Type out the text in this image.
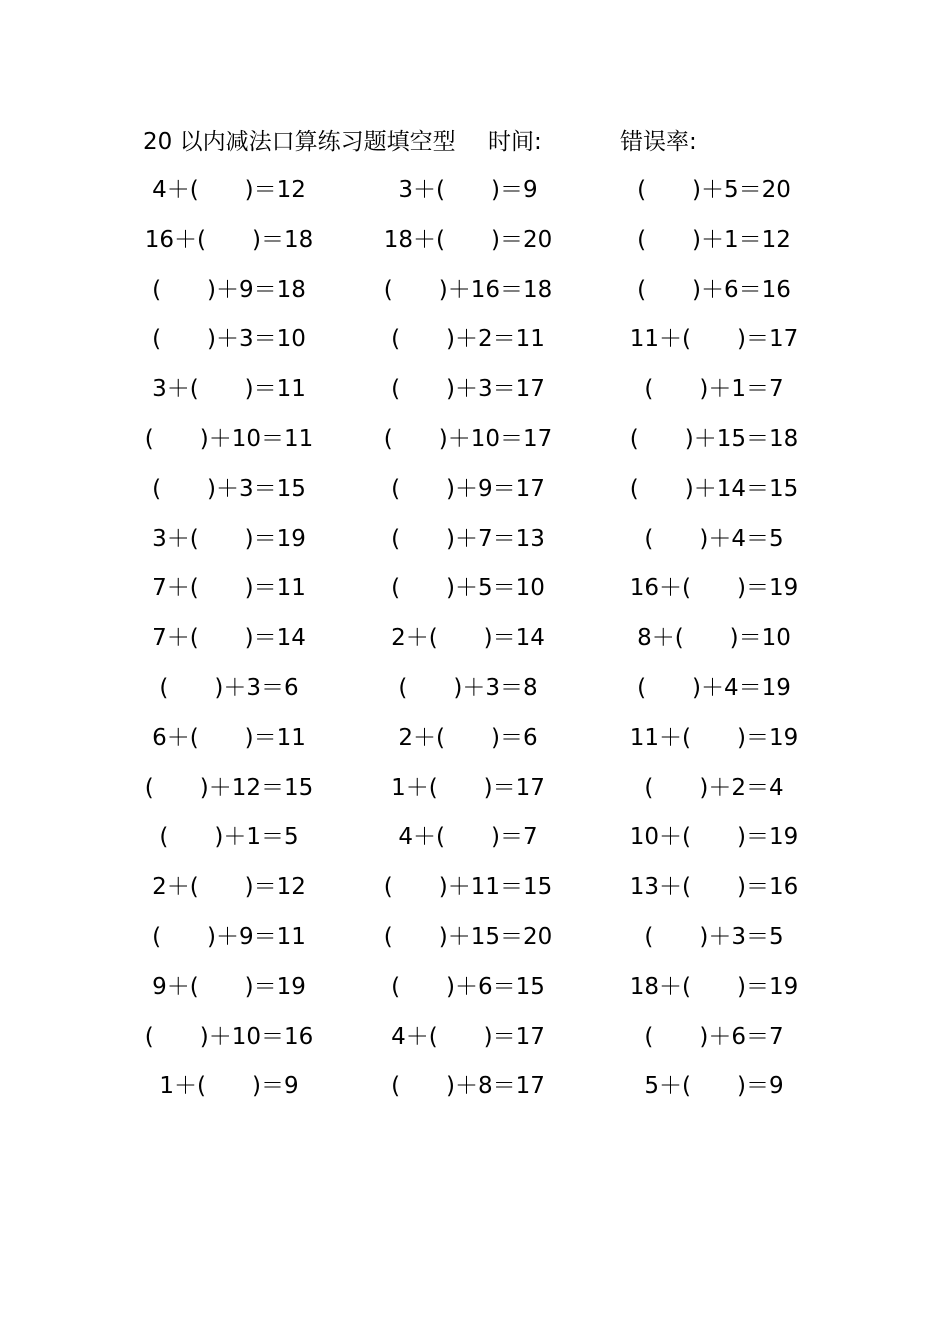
20 以内减法口算练习题填空型 时间:	错误率:
4＋(　　)＝12	3＋(　　)＝9	(　　)＋5＝20
16＋(　　)＝18	18＋(　　)＝20	(　　)＋1＝12
(　　)＋9＝18	(　　)＋16＝18	(　　)＋6＝16
(　　)＋3＝10	(　　)＋2＝11	11＋(　　)＝17
3＋(　　)＝11	(　　)＋3＝17	(　　)＋1＝7
(　　)＋10＝11	(　　)＋10＝17	(　　)＋15＝18
(　　)＋3＝15	(　　)＋9＝17	(　　)＋14＝15
3＋(　　)＝19	(　　)＋7＝13	(　　)＋4＝5
7＋(　　)＝11	(　　)＋5＝10	16＋(　　)＝19
7＋(　　)＝14	2＋(　　)＝14	8＋(　　)＝10
(　　)＋3＝6	(　　)＋3＝8	(　　)＋4＝19
6＋(　　)＝11	2＋(　　)＝6	11＋(　　)＝19
(　　)＋12＝15	1＋(　　)＝17	(　　)＋2＝4
(　　)＋1＝5	4＋(　　)＝7	10＋(　　)＝19
2＋(　　)＝12	(　　)＋11＝15	13＋(　　)＝16
(　　)＋9＝11	(　　)＋15＝20	(　　)＋3＝5
9＋(　　)＝19	(　　)＋6＝15	18＋(　　)＝19
(　　)＋10＝16	4＋(　　)＝17	(　　)＋6＝7
1＋(　　)＝9	(　　)＋8＝17	5＋(　　)＝9
